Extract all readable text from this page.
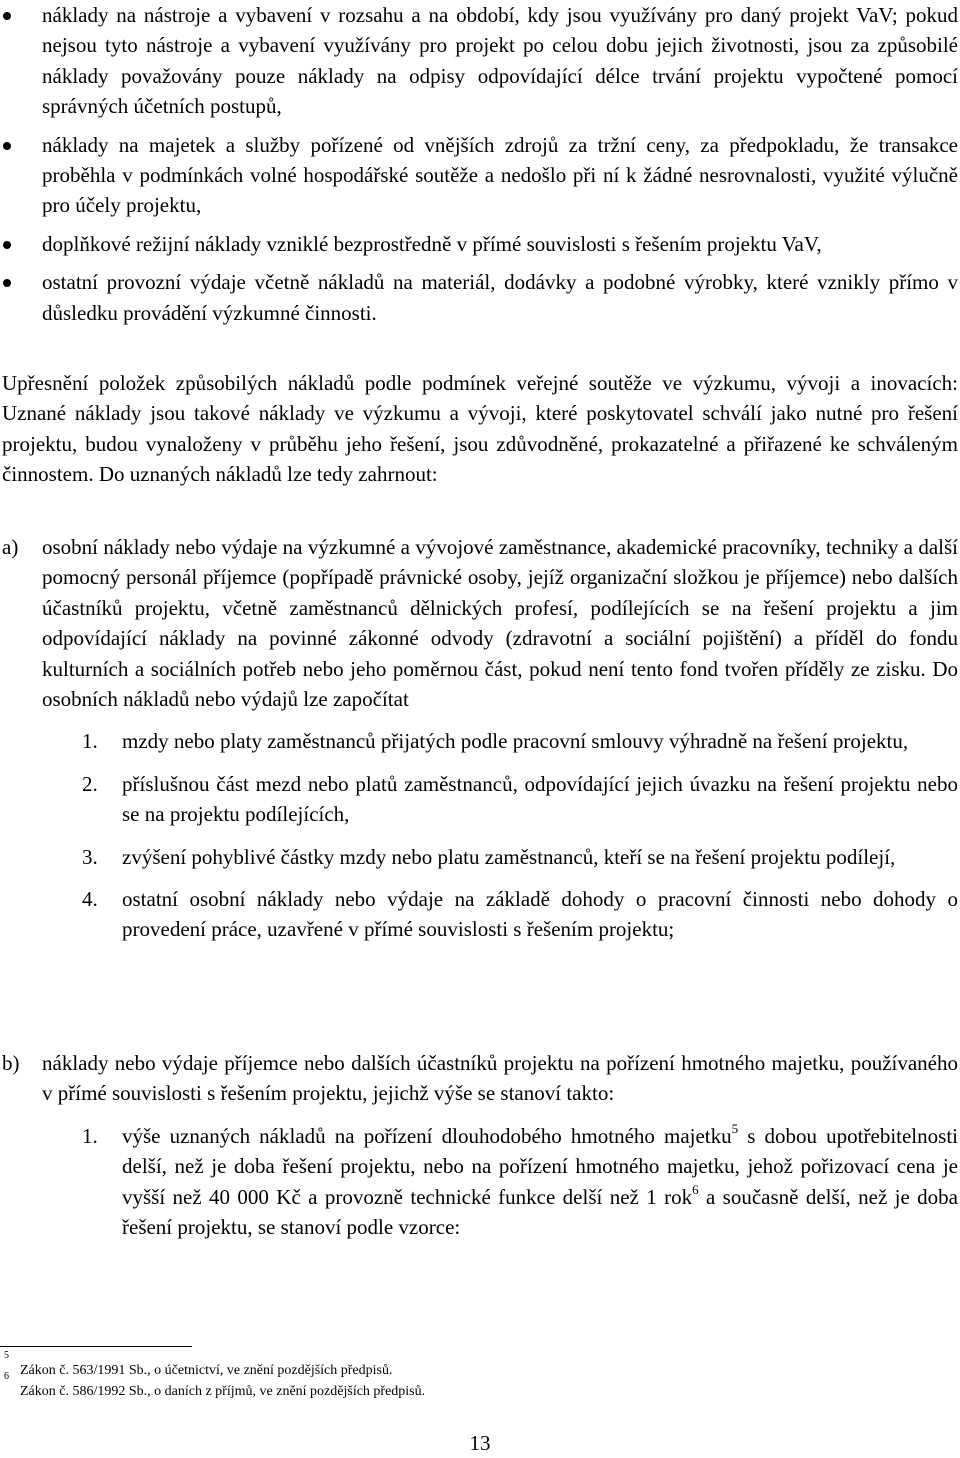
náklady na nástroje a vybavení v rozsahu a na období, kdy jsou využívány pro daný projekt VaV; pokud nejsou tyto nástroje a vybavení využívány pro projekt po celou dobu jejich životnosti, jsou za způsobilé náklady považovány pouze náklady na odpisy odpovídající délce trvání projektu vypočtené pomocí správných účetních postupů,

náklady na majetek a služby pořízené od vnějších zdrojů za tržní ceny, za předpokladu, že transakce proběhla v podmínkách volné hospodářské soutěže a nedošlo při ní k žádné nesrovnalosti, využité výlučně pro účely projektu,

doplňkové režijní náklady vzniklé bezprostředně v přímé souvislosti s řešením projektu VaV,

ostatní provozní výdaje včetně nákladů na materiál, dodávky a podobné výrobky, které vznikly přímo v důsledku provádění výzkumné činnosti.

Upřesnění položek způsobilých nákladů podle podmínek veřejné soutěže ve výzkumu, vývoji a inovacích: Uznané náklady jsou takové náklady ve výzkumu a vývoji, které poskytovatel schválí jako nutné pro řešení projektu, budou vynaloženy v průběhu jeho řešení, jsou zdůvodněné, prokazatelné a přiřazené ke schváleným činnostem. Do uznaných nákladů lze tedy zahrnout:

a) osobní náklady nebo výdaje na výzkumné a vývojové zaměstnance, akademické pracovníky, techniky a další pomocný personál příjemce (popřípadě právnické osoby, jejíž organizační složkou je příjemce) nebo dalších účastníků projektu, včetně zaměstnanců dělnických profesí, podílejících se na řešení projektu a jim odpovídající náklady na povinné zákonné odvody (zdravotní a sociální pojištění) a příděl do fondu kulturních a sociálních potřeb nebo jeho poměrnou část, pokud není tento fond tvořen příděly ze zisku. Do osobních nákladů nebo výdajů lze započítat

1. mzdy nebo platy zaměstnanců přijatých podle pracovní smlouvy výhradně na řešení projektu,

2. příslušnou část mezd nebo platů zaměstnanců, odpovídající jejich úvazku na řešení projektu nebo se na projektu podílejících,

3. zvýšení pohyblivé částky mzdy nebo platu zaměstnanců, kteří se na řešení projektu podílejí,

4. ostatní osobní náklady nebo výdaje na základě dohody o pracovní činnosti nebo dohody o provedení práce, uzavřené v přímé souvislosti s řešením projektu;

b) náklady nebo výdaje příjemce nebo dalších účastníků projektu na pořízení hmotného majetku, používaného v přímé souvislosti s řešením projektu, jejichž výše se stanoví takto:

1. výše uznaných nákladů na pořízení dlouhodobého hmotného majetku$^5$ s dobou upotřebitelnosti delší, než je doba řešení projektu, nebo na pořízení hmotného majetku, jehož pořizovací cena je vyšší než 40 000 Kč a provozně technické funkce delší než 1 rok$^6$ a současně delší, než je doba řešení projektu, se stanoví podle vzorce:

5
Zákon č. 563/1991 Sb., o účetnictví, ve znění pozdějších předpisů.
6
Zákon č. 586/1992 Sb., o daních z příjmů, ve znění pozdějších předpisů.
13
